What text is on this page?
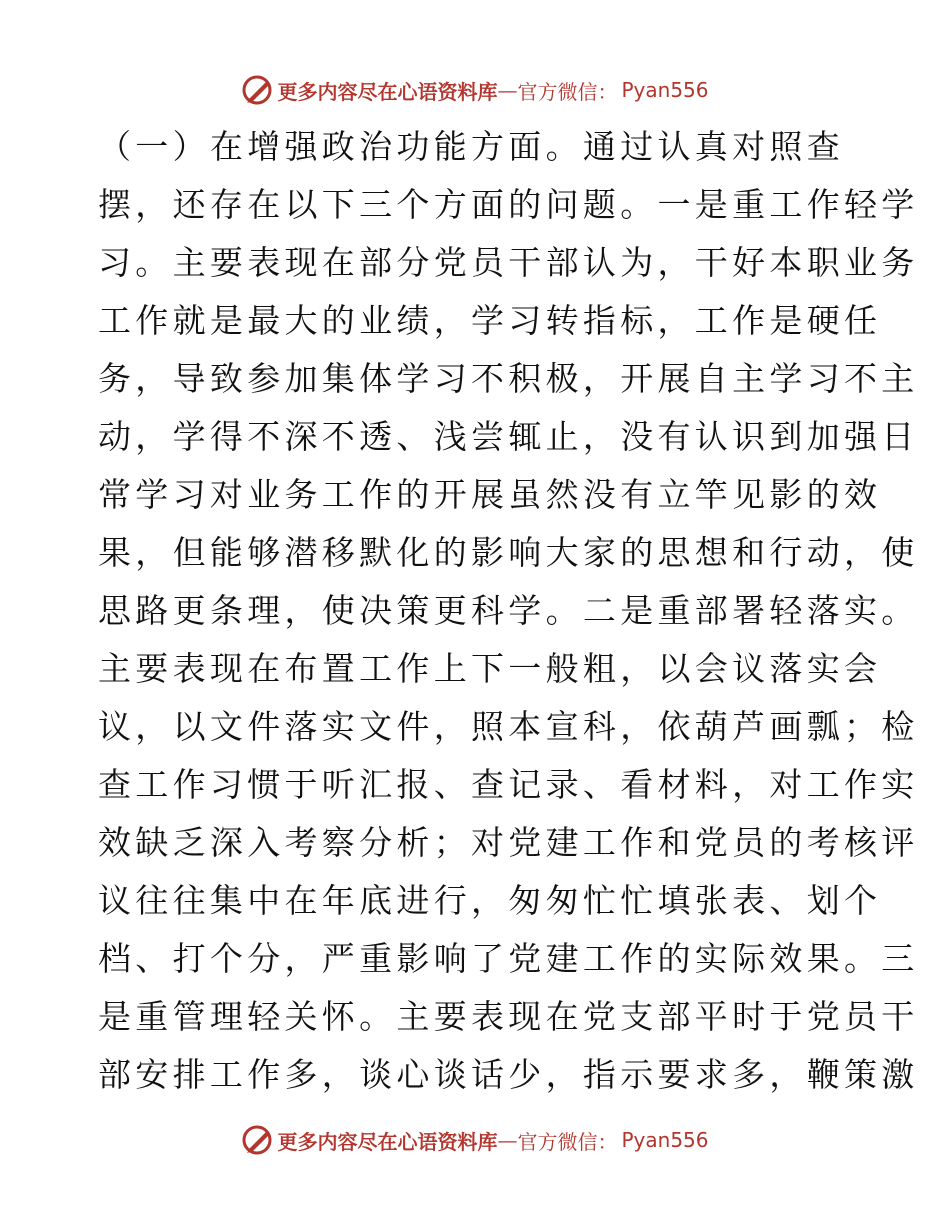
更多内容尽在心语资料库 — 官方微信： Pyan556
（一）在增强政治功能方面。通过认真对照查
摆，还存在以下三个方面的问题。一是重工作轻学
习。主要表现在部分党员干部认为，干好本职业务
工作就是最大的业绩，学习转指标，工作是硬任
务，导致参加集体学习不积极，开展自主学习不主
动，学得不深不透、浅尝辄止，没有认识到加强日
常学习对业务工作的开展虽然没有立竿见影的效
果，但能够潜移默化的影响大家的思想和行动，使
思路更条理，使决策更科学。二是重部署轻落实。
主要表现在布置工作上下一般粗，以会议落实会
议，以文件落实文件，照本宣科，依葫芦画瓢；检
查工作习惯于听汇报、查记录、看材料，对工作实
效缺乏深入考察分析；对党建工作和党员的考核评
议往往集中在年底进行，匆匆忙忙填张表、划个
档、打个分，严重影响了党建工作的实际效果。三
是重管理轻关怀。主要表现在党支部平时于党员干
部安排工作多，谈心谈话少，指示要求多，鞭策激
更多内容尽在心语资料库 — 官方微信： Pyan556
